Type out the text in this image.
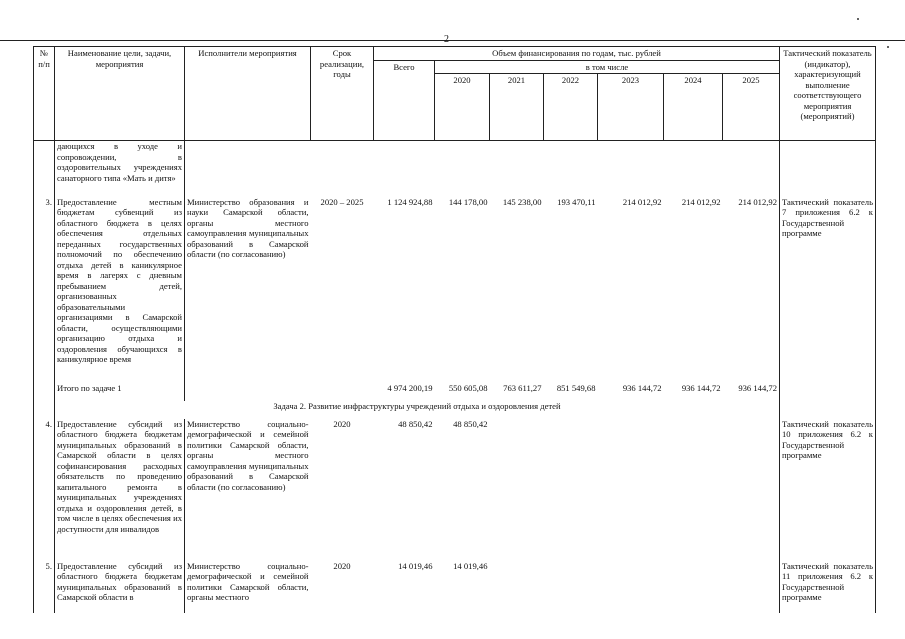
№ п/п	Наименование цели, задачи, мероприятия	Исполнители мероприятия	Срок реализации, годы	Объем финансирования по годам, тыс. рублей							Тактический показатель (индикатор), характеризующий выполнение соответствующего мероприятия (мероприятий)
				Всего	в том числе						
					2020	2021	2022	2023	2024	2025	
	дающихся в уходе и сопровождении, в оздоровительных учреждениях санаторного типа «Мать и дитя»										
3.	Предоставление местным бюджетам субвенций из областного бюджета в целях обеспечения отдельных переданных государственных полномочий по обеспечению отдыха детей в каникулярное время в лагерях с дневным пребыванием детей, организованных образовательными организациями в Самарской области, осуществляющими организацию отдыха и оздоровления обучающихся в каникулярное время	Министерство образования и науки Самарской области, органы местного самоуправления муниципальных образований в Самарской области (по согласованию)	2020 – 2025	1 124 924,88	144 178,00	145 238,00	193 470,11	214 012,92	214 012,92	214 012,92	Тактический показатель 7 приложения 6.2 к Государственной программе
	Итого по задаче 1			4 974 200,19	550 605,08	763 611,27	851 549,68	936 144,72	936 144,72	936 144,72	
	Задача 2. Развитие инфраструктуры учреждений отдыха и оздоровления детей										
4.	Предоставление субсидий из областного бюджета бюджетам муниципальных образований в Самарской области в целях софинансирования расходных обязательств по проведению капитального ремонта в муниципальных учреждениях отдыха и оздоровления детей, в том числе в целях обеспечения их доступности для инвалидов	Министерство социально-демографической и семейной политики Самарской области, органы местного самоуправления муниципальных образований в Самарской области (по согласованию)	2020	48 850,42	48 850,42						Тактический показатель 10 приложения 6.2 к Государственной программе
5.	Предоставление субсидий из областного бюджета бюджетам муниципальных образований в Самарской области в	Министерство социально-демографической и семейной политики Самарской области, органы местного	2020	14 019,46	14 019,46						Тактический показатель 11 приложения 6.2 к Государственной программе
